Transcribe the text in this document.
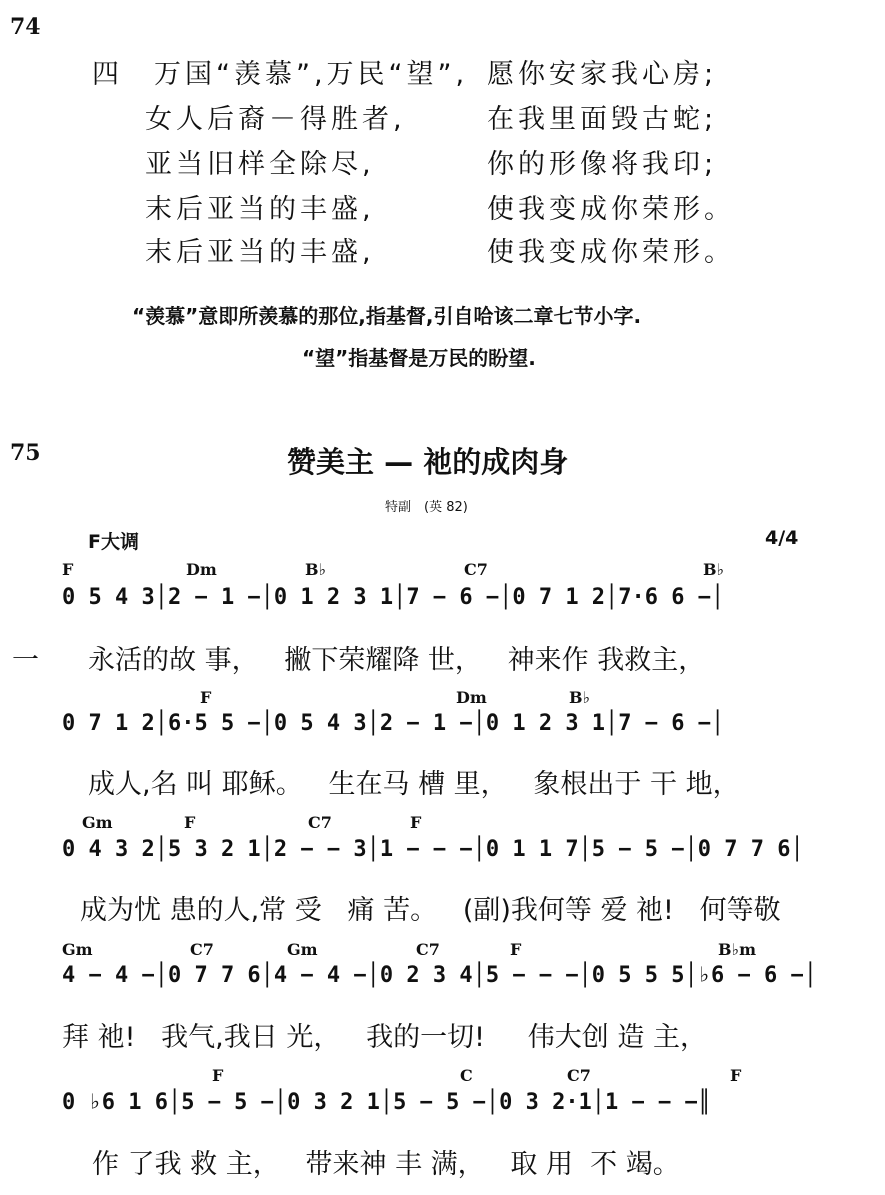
74
四　万国“羡慕”,万民“望”, 愿你安家我心房;
女人后裔－得胜者,	在我里面毁古蛇;
亚当旧样全除尽,	你的形像将我印;
末后亚当的丰盛,	使我变成你荣形。
末后亚当的丰盛,	使我变成你荣形。
“羡慕”意即所羡慕的那位,指基督,引自哈该二章七节小字.
“望”指基督是万民的盼望.
75	赞美主 — 祂的成肉身
特副　(英 82)
F大调	4/4
F	Dm	B♭	C7	B♭
0 5 4 3│2 − 1 −│0 1 2 3 1│7 − 6 −│0 7 1 2│7·6 6 −│
一 永活的故 事，   撇下荣耀降 世，   神来作 我救主，
F	Dm	B♭
0 7 1 2│6·5 5 −│0 5 4 3│2 − 1 −│0 1 2 3 1│7 − 6 −│
成人,名 叫 耶稣。   生在马 槽 里，   象根出于 干 地，
Gm	F	C7	F
0 4 3 2│5 3 2 1│2 − − 3│1 − − −│0 1 1 7│5 − 5 −│0 7 7 6│
成为忧 患的人,常 受   痛 苦。   (副)我何等 爱 祂!   何等敬
Gm	C7	Gm	C7	F	B♭m
4 − 4 −│0 7 7 6│4 − 4 −│0 2 3 4│5 − − −│0 5 5 5│♭6 − 6 −│
拜 祂!   我气,我日 光，   我的一切!     伟大创 造 主，
F	C	C7	F
0 ♭6 1 6│5 − 5 −│0 3 2 1│5 − 5 −│0 3 2·1│1 − − −║
作 了我 救 主，   带来神 丰 满，   取 用  不 竭。
